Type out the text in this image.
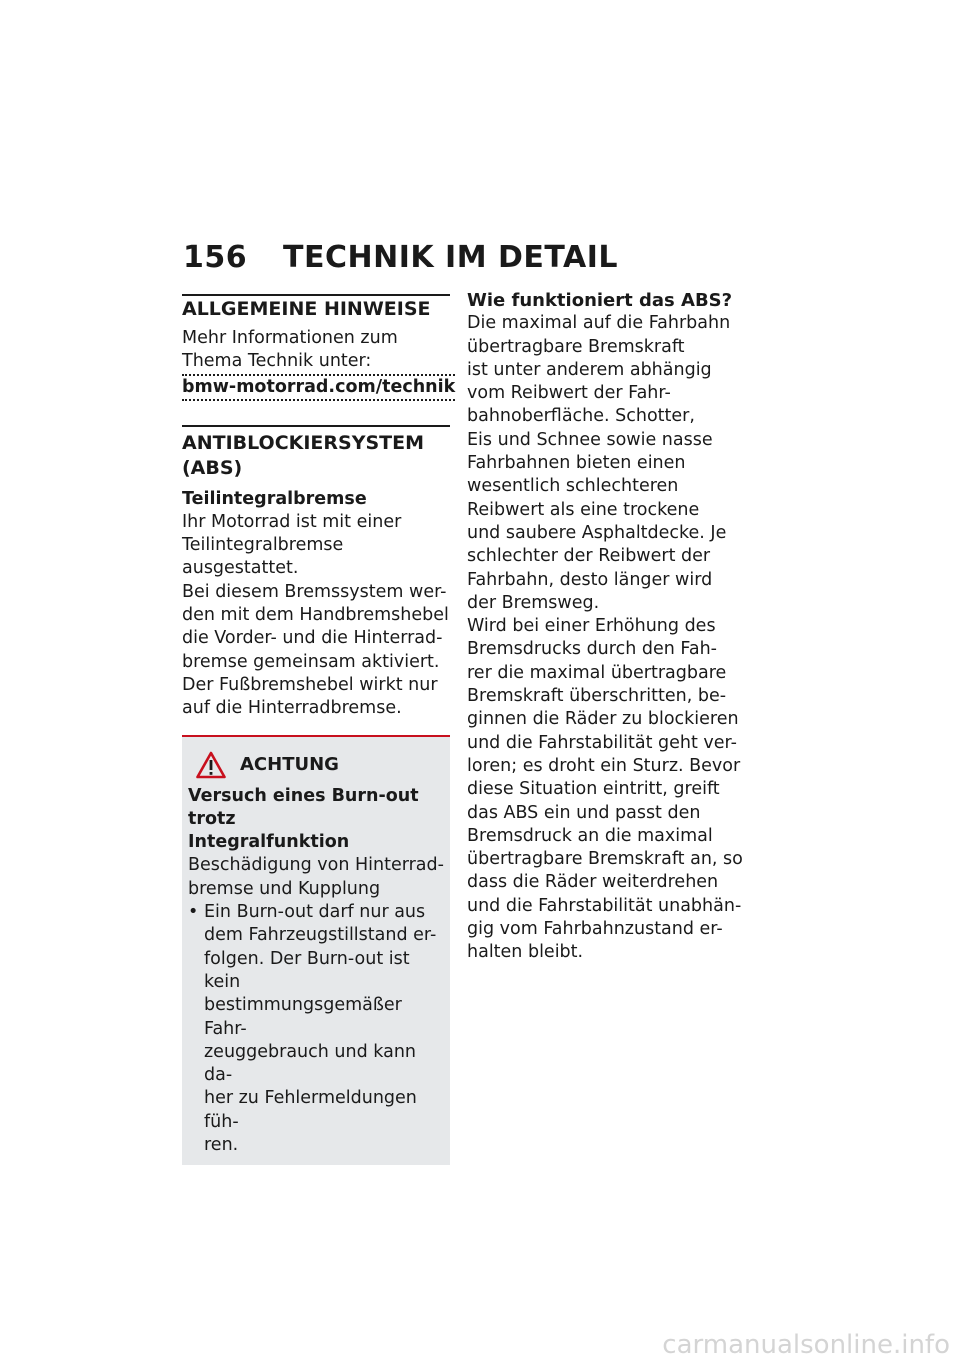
156 TECHNIK IM DETAIL

ALLGEMEINE HINWEISE

Mehr Informationen zum

Thema Technik unter:

bmw-motorrad.com/technik

ANTIBLOCKIERSYSTEM

(ABS)

Teilintegralbremse

Ihr Motorrad ist mit einer

Teilintegralbremse ausgestattet.

Bei diesem Bremssystem wer-

den mit dem Handbremshebel

die Vorder- und die Hinterrad-

bremse gemeinsam aktiviert.

Der Fußbremshebel wirkt nur

auf die Hinterradbremse.

ACHTUNG

Versuch eines Burn-out trotz

Integralfunktion

Beschädigung von Hinterrad-

bremse und Kupplung

• Ein Burn-out darf nur aus

dem Fahrzeugstillstand er-

folgen. Der Burn-out ist kein

bestimmungsgemäßer Fahr-

zeuggebrauch und kann da-

her zu Fehlermeldungen füh-

ren.

Wie funktioniert das ABS?

Die maximal auf die Fahrbahn

übertragbare Bremskraft

ist unter anderem abhängig

vom Reibwert der Fahr-

bahnoberfläche. Schotter,

Eis und Schnee sowie nasse

Fahrbahnen bieten einen

wesentlich schlechteren

Reibwert als eine trockene

und saubere Asphaltdecke. Je

schlechter der Reibwert der

Fahrbahn, desto länger wird

der Bremsweg.

Wird bei einer Erhöhung des

Bremsdrucks durch den Fah-

rer die maximal übertragbare

Bremskraft überschritten, be-

ginnen die Räder zu blockieren

und die Fahrstabilität geht ver-

loren; es droht ein Sturz. Bevor

diese Situation eintritt, greift

das ABS ein und passt den

Bremsdruck an die maximal

übertragbare Bremskraft an, so

dass die Räder weiterdrehen

und die Fahrstabilität unabhän-

gig vom Fahrbahnzustand er-

halten bleibt.

carmanualsonline.info
